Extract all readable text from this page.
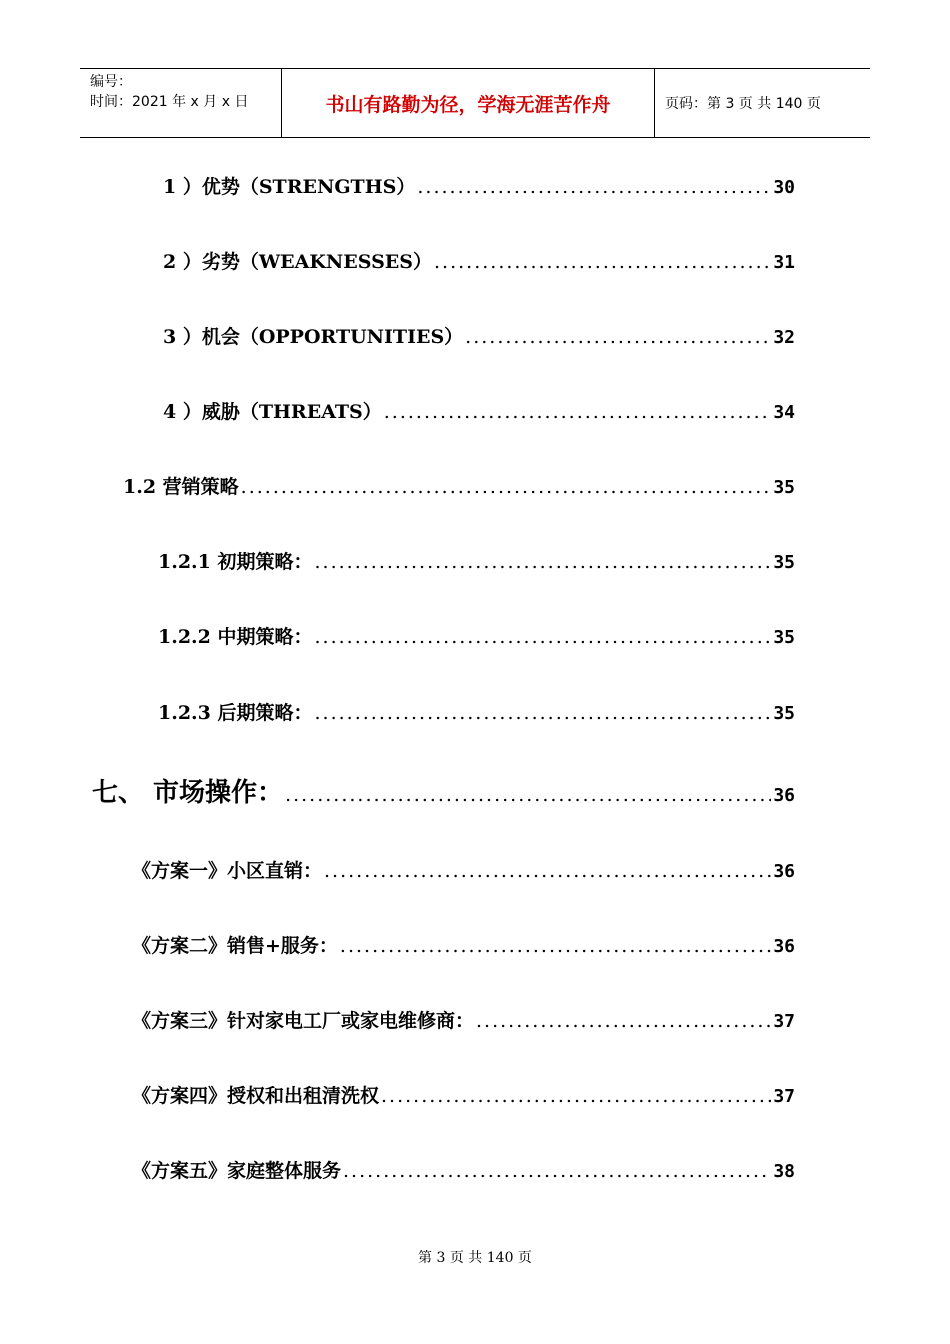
编号：
时间：2021 年 x 月 x 日	书山有路勤为径，学海无涯苦作舟	页码：第 3 页 共 140 页
1 ）优势（STRENGTHS） .....	30
2 ）劣势（WEAKNESSES） .....	31
3 ）机会（OPPORTUNITIES） .....	32
4 ）威胁（THREATS） .....	34
1.2 营销策略 .....	35
1.2.1 初期策略： .....	35
1.2.2 中期策略： .....	35
1.2.3 后期策略： .....	35
七、 市场操作： .....	36
《方案一》小区直销： .....	36
《方案二》销售+服务： .....	36
《方案三》针对家电工厂或家电维修商： .....	37
《方案四》授权和出租清洗权 .....	37
《方案五》家庭整体服务 .....	38
第 3 页 共 140 页
